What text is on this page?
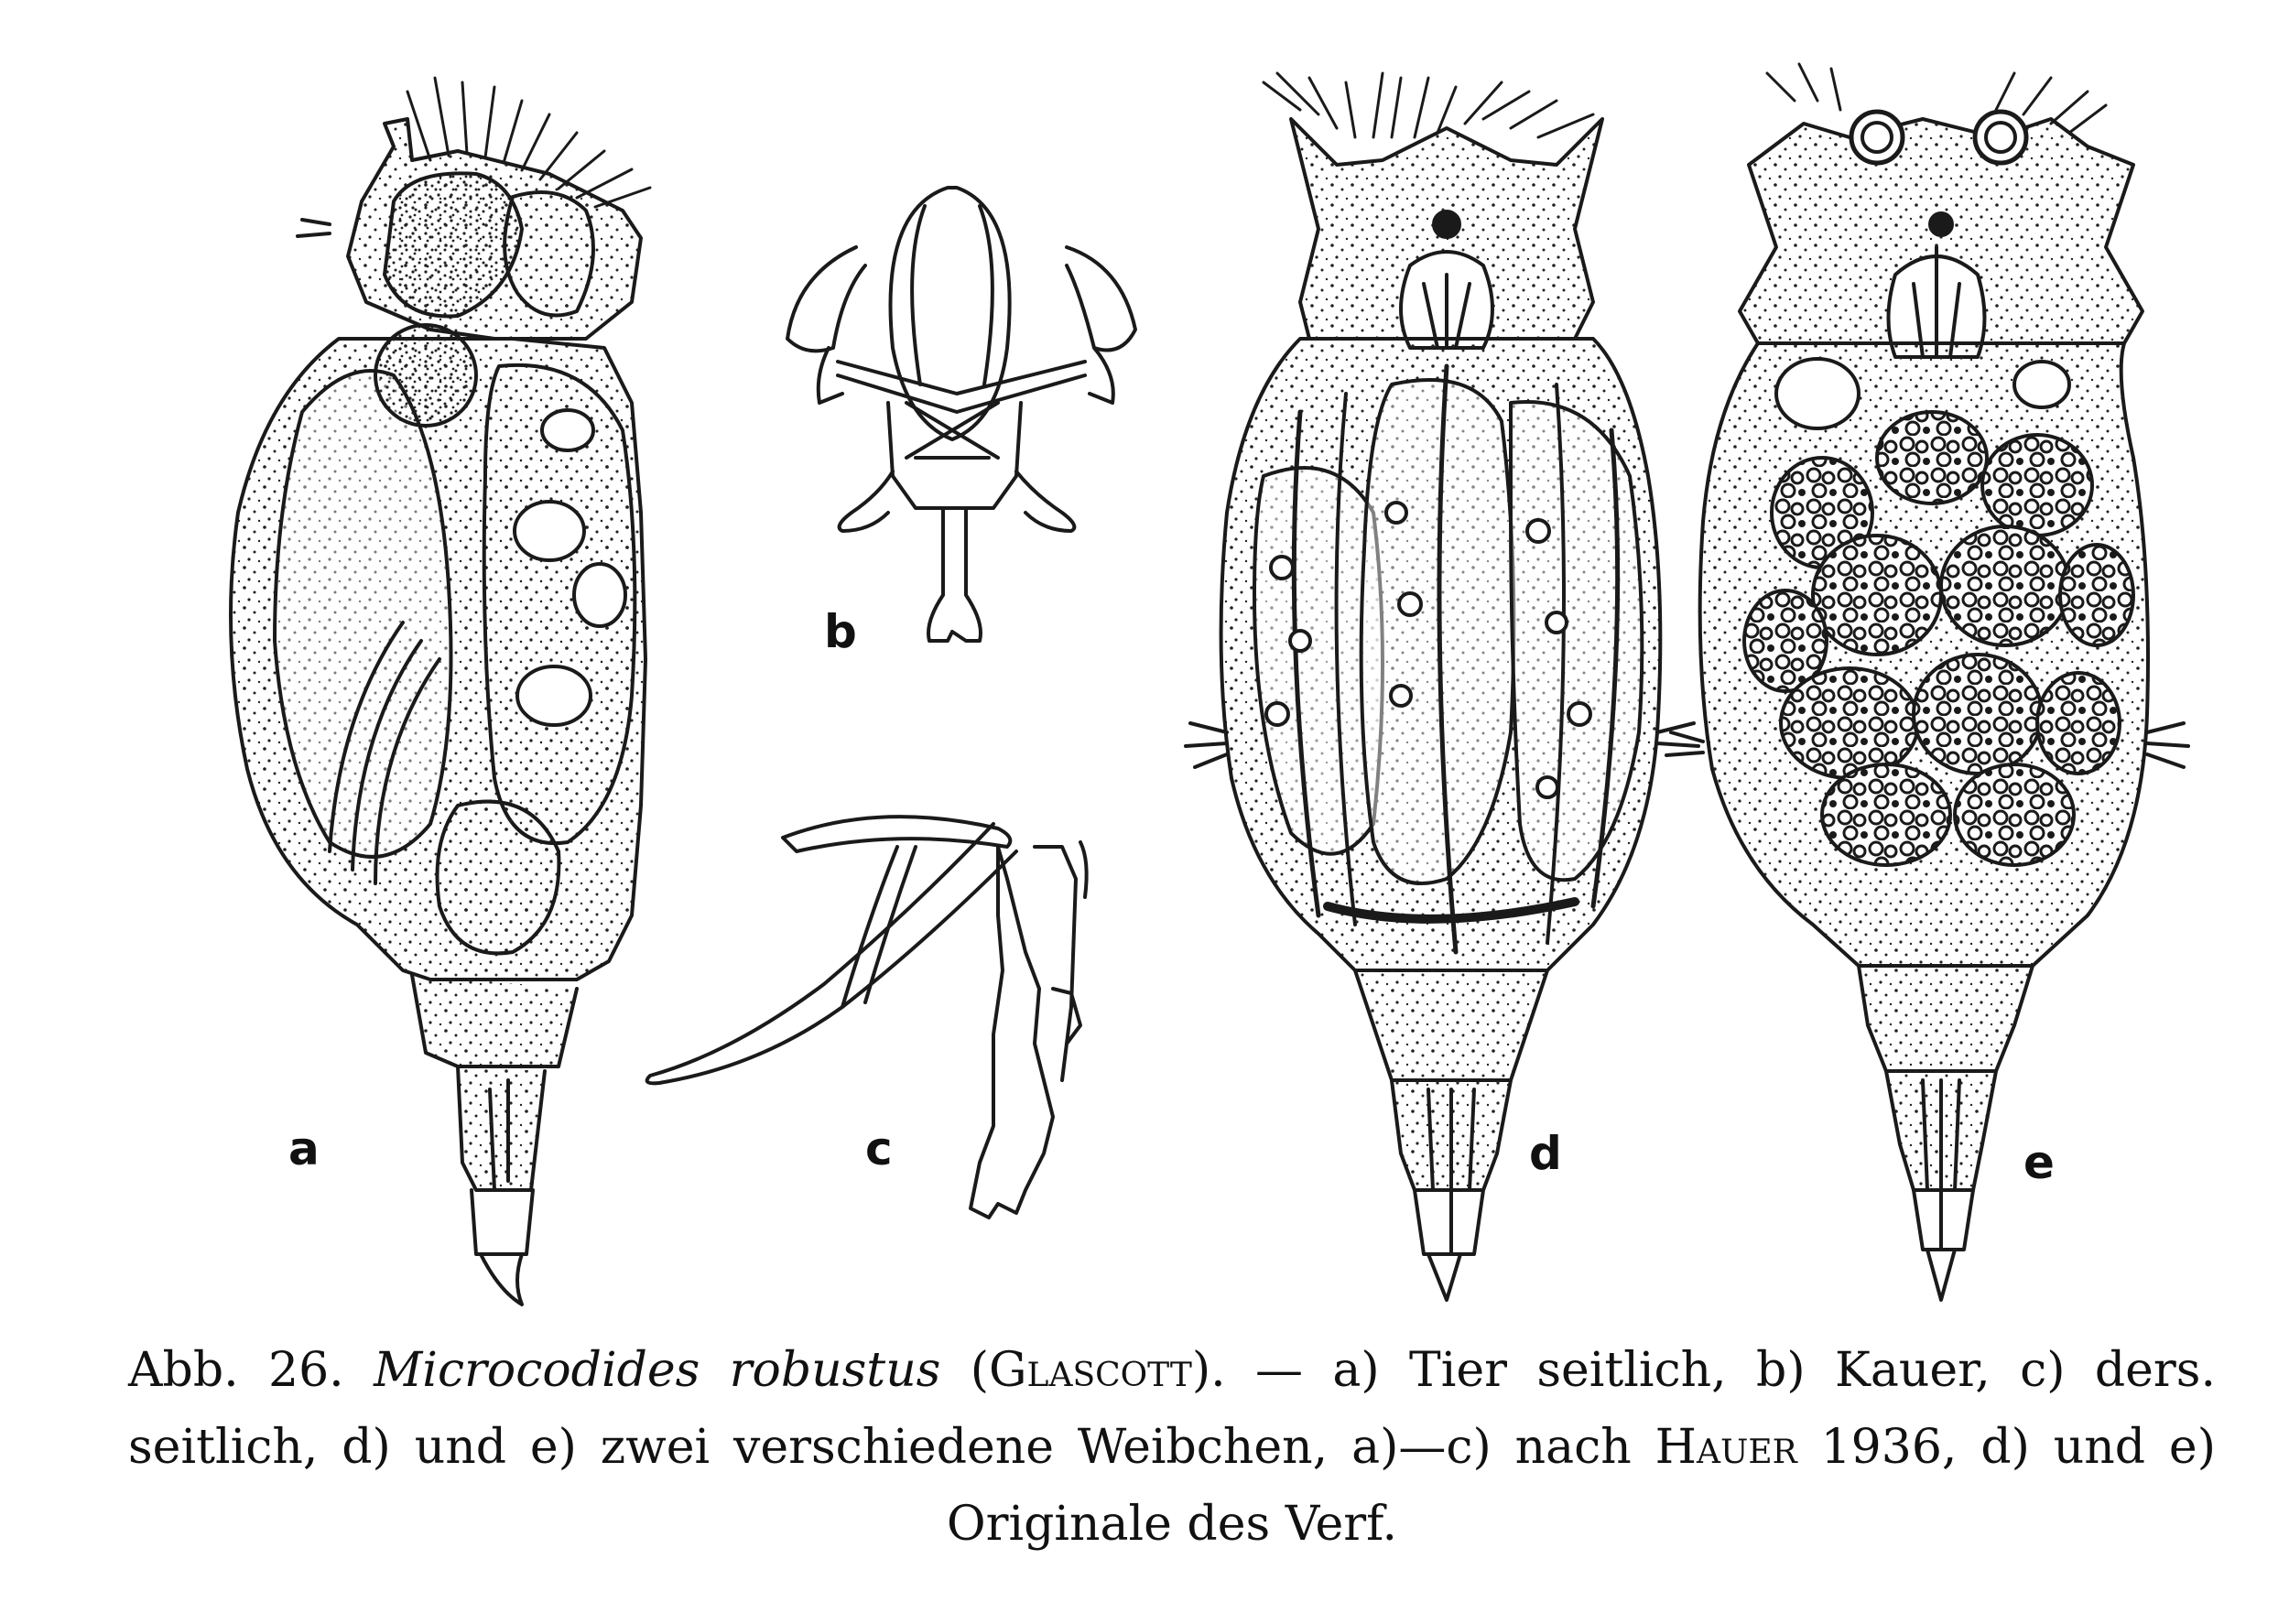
a
b
c	d	e
Abb. 26. Microcodides robustus (Glascott). — a) Tier seitlich, b) Kauer, c) ders. seitlich, d) und e) zwei verschiedene Weibchen, a)—c) nach Hauer 1936, d) und e) Originale des Verf.
